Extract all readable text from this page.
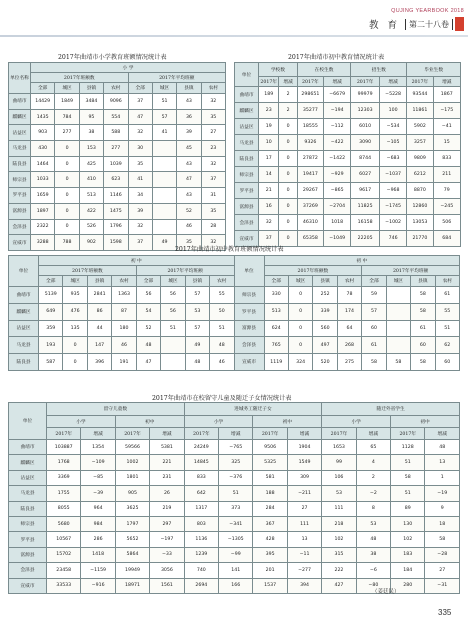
QUJING YEARBOOK 2018
教 育	第二十八卷
2017年曲靖市小学教育班额情况统计表
单位名称	小 学							
	2017年班额数				2017年平均班额			
	全部	城区	县镇	农村	全部	城区	县镇	农村
曲靖市	14429	1849	3484	9096	37	51	43	32
麒麟区	1435	784	95	554	47	57	36	35
沾益区	903	277	38	588	32	41	39	27
马龙县	430	0	153	277	30		45	23
陆良县	1464	0	425	1039	35		43	32
师宗县	1033	0	410	623	41		47	37
罗平县	1659	0	513	1146	34		43	31
富源县	1897	0	422	1475	39		52	35
会泽县	2322	0	526	1796	32		46	28
宣威市	3288	788	902	1598	37	49	35	32
2017年曲靖市初中教育情况统计表
单位	学校数		在校生数		招生数		毕业生数	
	2017年	增减	2017年	增减	2017年	增减	2017年	增减
曲靖市	189	2	298651	−6679	99979	−5228	93544	1867
麒麟区	23	2	35277	−194	12303	100	11861	−175
沾益区	19	0	18555	−112	6010	−534	5902	−41
马龙县	10	0	9326	−422	3090	−105	3257	15
陆良县	17	0	27872	−1422	8744	−683	9809	833
师宗县	14	0	19417	−929	6027	−1037	6212	211
罗平县	21	0	29267	−865	9617	−968	8870	79
富源县	16	0	37269	−2704	11825	−1745	12860	−245
会泽县	32	0	46310	1018	16158	−1002	13053	506
宣威市	37	0	65358	−1049	22205	746	21770	684
2017年曲靖市初中教育班额情况统计表
单位	初 中								单位	初 中							
	2017年班额数				2017年平均班额					2017年班额数				2017年平均班额			
	全部	城区	县镇	农村	全部	城区	县镇	农村		全部	城区	县镇	农村	全部	城区	县镇	农村
曲靖市	5139	935	2841	1363	56	56	57	55	师宗县	330	0	252	78	59		58	61
麒麟区	649	476	86	87	54	56	53	50	罗平县	513	0	339	174	57		58	55
沾益区	359	135	44	180	52	51	57	51	富源县	624	0	560	64	60		61	51
马龙县	193	0	147	46	48		49	48	会泽县	765	0	497	268	61		60	62
陆良县	587	0	396	191	47		48	46	宣威市	1119	324	520	275	58	58	58	60
2017年曲靖市在校留守儿童及随迁子女情况统计表
单位	留守儿童数				进城务工随迁子女				随迁外省学生			
	小学		初中		小学		初中		小学		初中	
	2017年	增减	2017年	增减	2017年	增减	2017年	增减	2017年	增减	2017年	增减
曲靖市	103887	1354	59566	5381	24249	−765	9506	1904	1653	65	1128	48
麒麟区	1768	−109	1002	221	14845	325	5325	1549	99	4	51	13
沾益区	3369	−85	1801	231	833	−376	581	309	106	2	58	1
马龙县	1755	−39	905	26	642	51	188	−211	53	−2	51	−19
陆良县	8055	964	3625	219	1317	373	284	27	111	8	89	9
师宗县	5680	984	1797	297	803	−341	367	111	218	53	130	18
罗平县	10567	286	5652	−197	1136	−1305	428	13	102	48	102	58
富源县	15702	1418	5864	−33	1239	−99	395	−11	315	38	183	−28
会泽县	23458	−1159	19949	3056	740	141	201	−277	222	−6	184	27
宣威市	33533	−916	18971	1561	2694	166	1537	394	427	−80	280	−31
（姜廷民）
335
